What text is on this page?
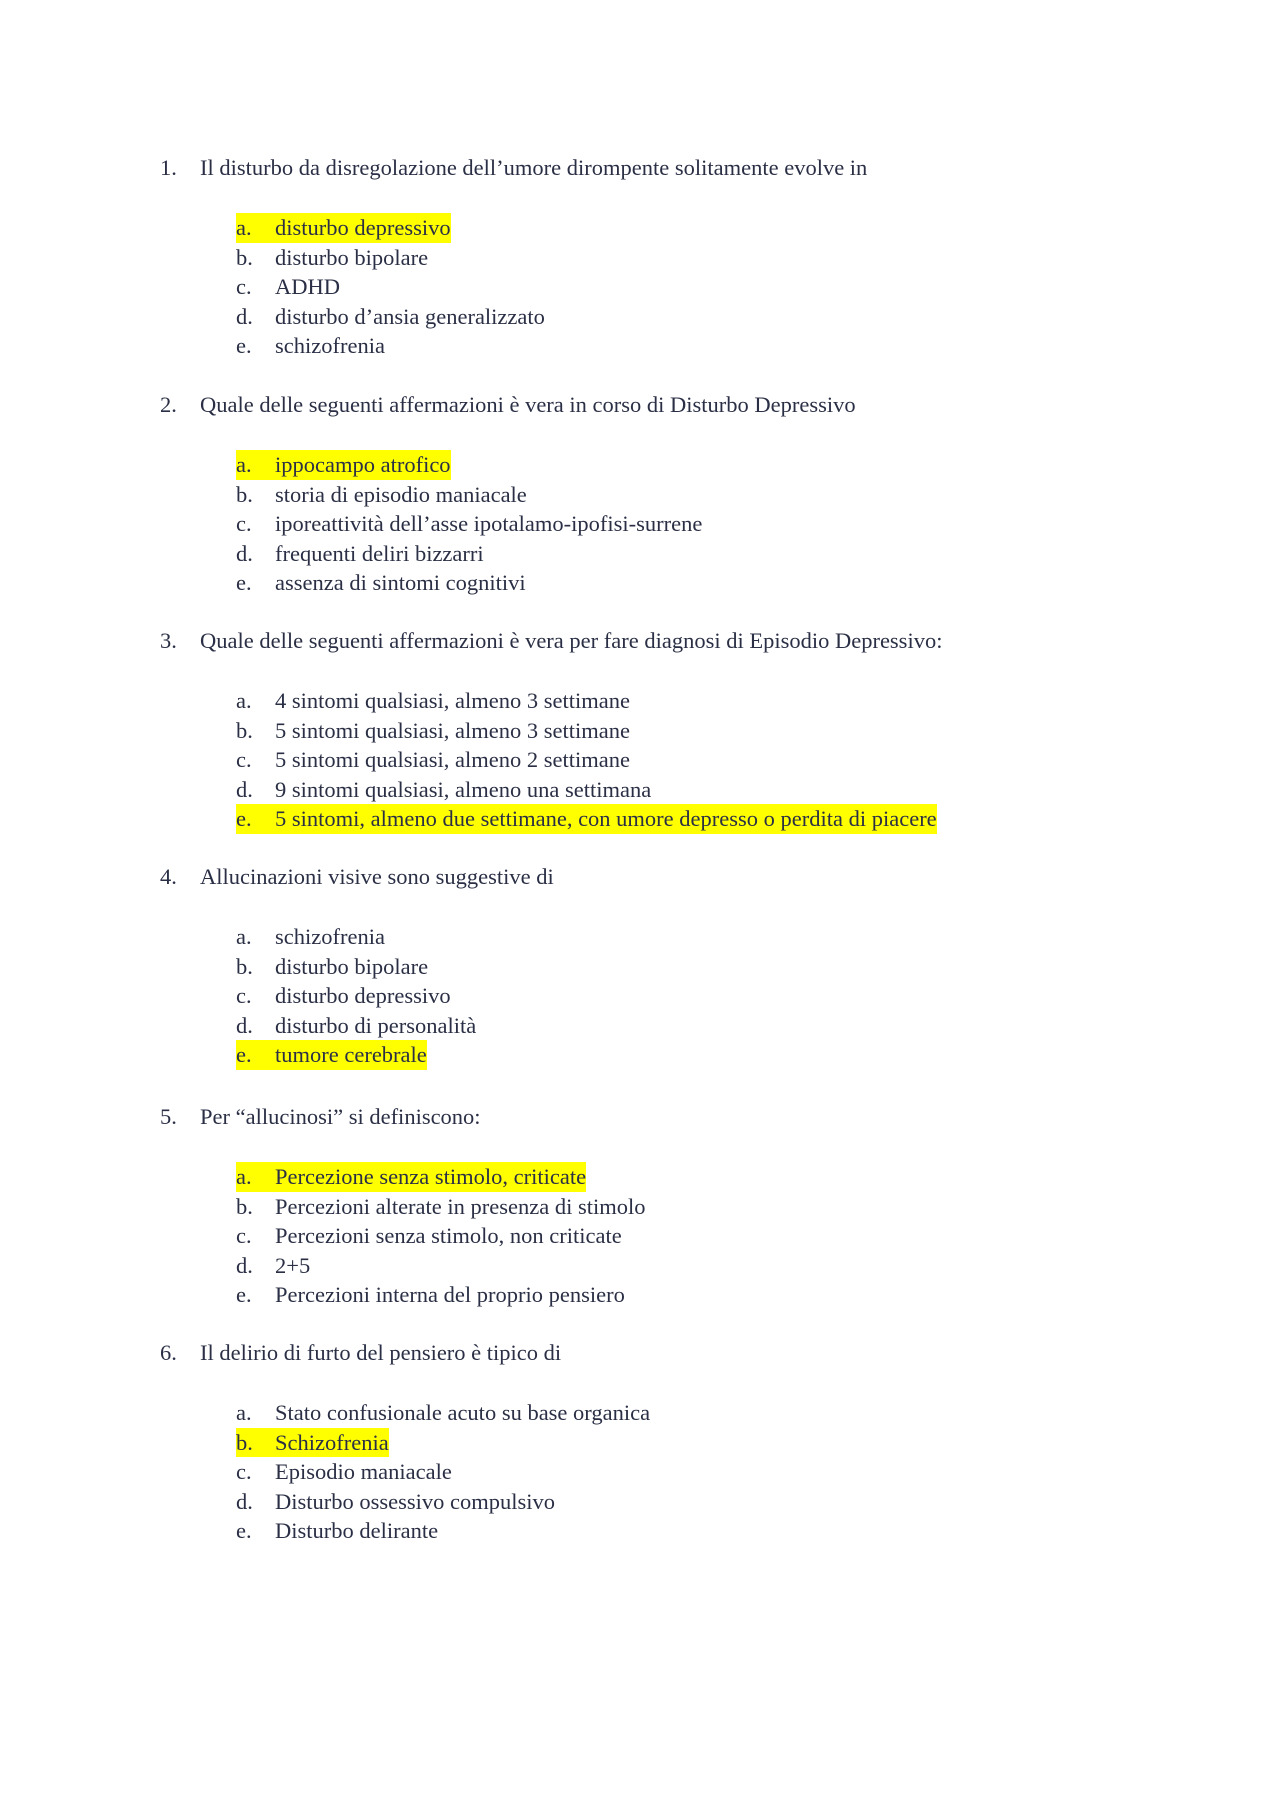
1.	Il disturbo da disregolazione dell’umore dirompente solitamente evolve in
a.	disturbo depressivo
b. disturbo bipolare
c.	ADHD
d. disturbo d’ansia generalizzato
e.	schizofrenia
2.	Quale delle seguenti affermazioni è vera in corso di Disturbo Depressivo
a.	ippocampo atrofico
b. storia di episodio maniacale
c.	iporeattività dell’asse ipotalamo-ipofisi-surrene
d. frequenti deliri bizzarri
e.	assenza di sintomi cognitivi
3.	Quale delle seguenti affermazioni è vera per fare diagnosi di Episodio Depressivo:
a.	4 sintomi qualsiasi, almeno 3 settimane
b. 5 sintomi qualsiasi, almeno 3 settimane
c.	5 sintomi qualsiasi, almeno 2 settimane
d. 9 sintomi qualsiasi, almeno una settimana
e.	5 sintomi, almeno due settimane, con umore depresso o perdita di piacere
4.	Allucinazioni visive sono suggestive di
a.	schizofrenia
b. disturbo bipolare
c.	disturbo depressivo
d. disturbo di personalità
e.	tumore cerebrale
5.	Per “allucinosi” si definiscono:
a.	Percezione senza stimolo, criticate
b. Percezioni alterate in presenza di stimolo
c.	Percezioni senza stimolo, non criticate
d. 2+5
e.	Percezioni interna del proprio pensiero
6.	Il delirio di furto del pensiero è tipico di
a.	Stato confusionale acuto su base organica
b. Schizofrenia
c.	Episodio maniacale
d. Disturbo ossessivo compulsivo
e.	Disturbo delirante
